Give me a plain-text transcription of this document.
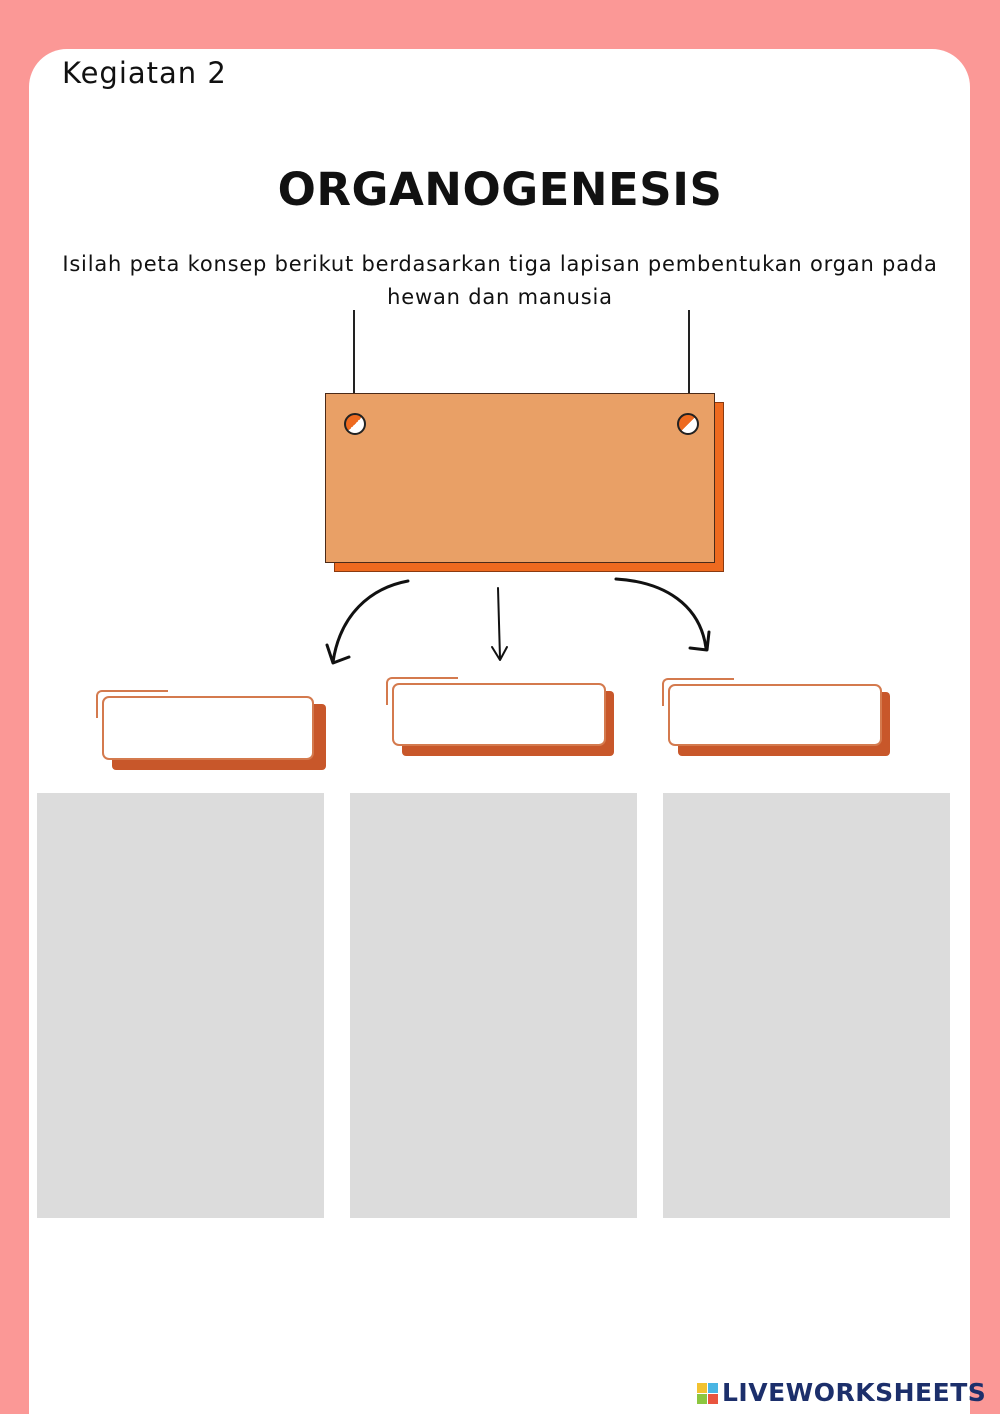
Kegiatan 2
ORGANOGENESIS
Isilah peta konsep berikut berdasarkan tiga lapisan pembentukan organ pada hewan dan manusia
LIVEWORKSHEETS
